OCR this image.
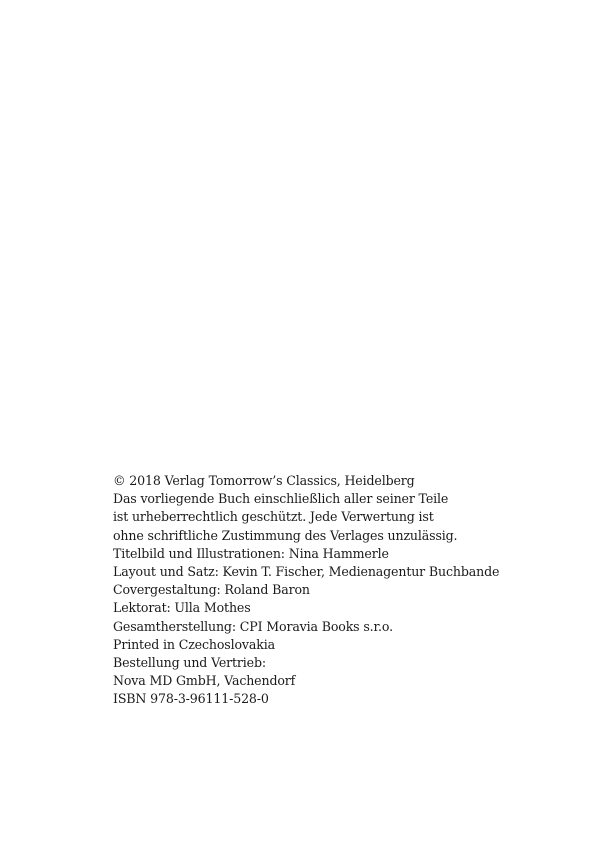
© 2018 Verlag Tomorrow’s Classics, Heidelberg
Das vorliegende Buch einschließlich aller seiner Teile
ist urheberrechtlich geschützt. Jede Verwertung ist
ohne schriftliche Zustimmung des Verlages unzulässig.
Titelbild und Illustrationen: Nina Hammerle
Layout und Satz: Kevin T. Fischer, Medienagentur Buchbande
Covergestaltung: Roland Baron
Lektorat: Ulla Mothes
Gesamtherstellung: CPI Moravia Books s.r.o.
Printed in Czechoslovakia
Bestellung und Vertrieb:
Nova MD GmbH, Vachendorf
ISBN 978-3-96111-528-0
